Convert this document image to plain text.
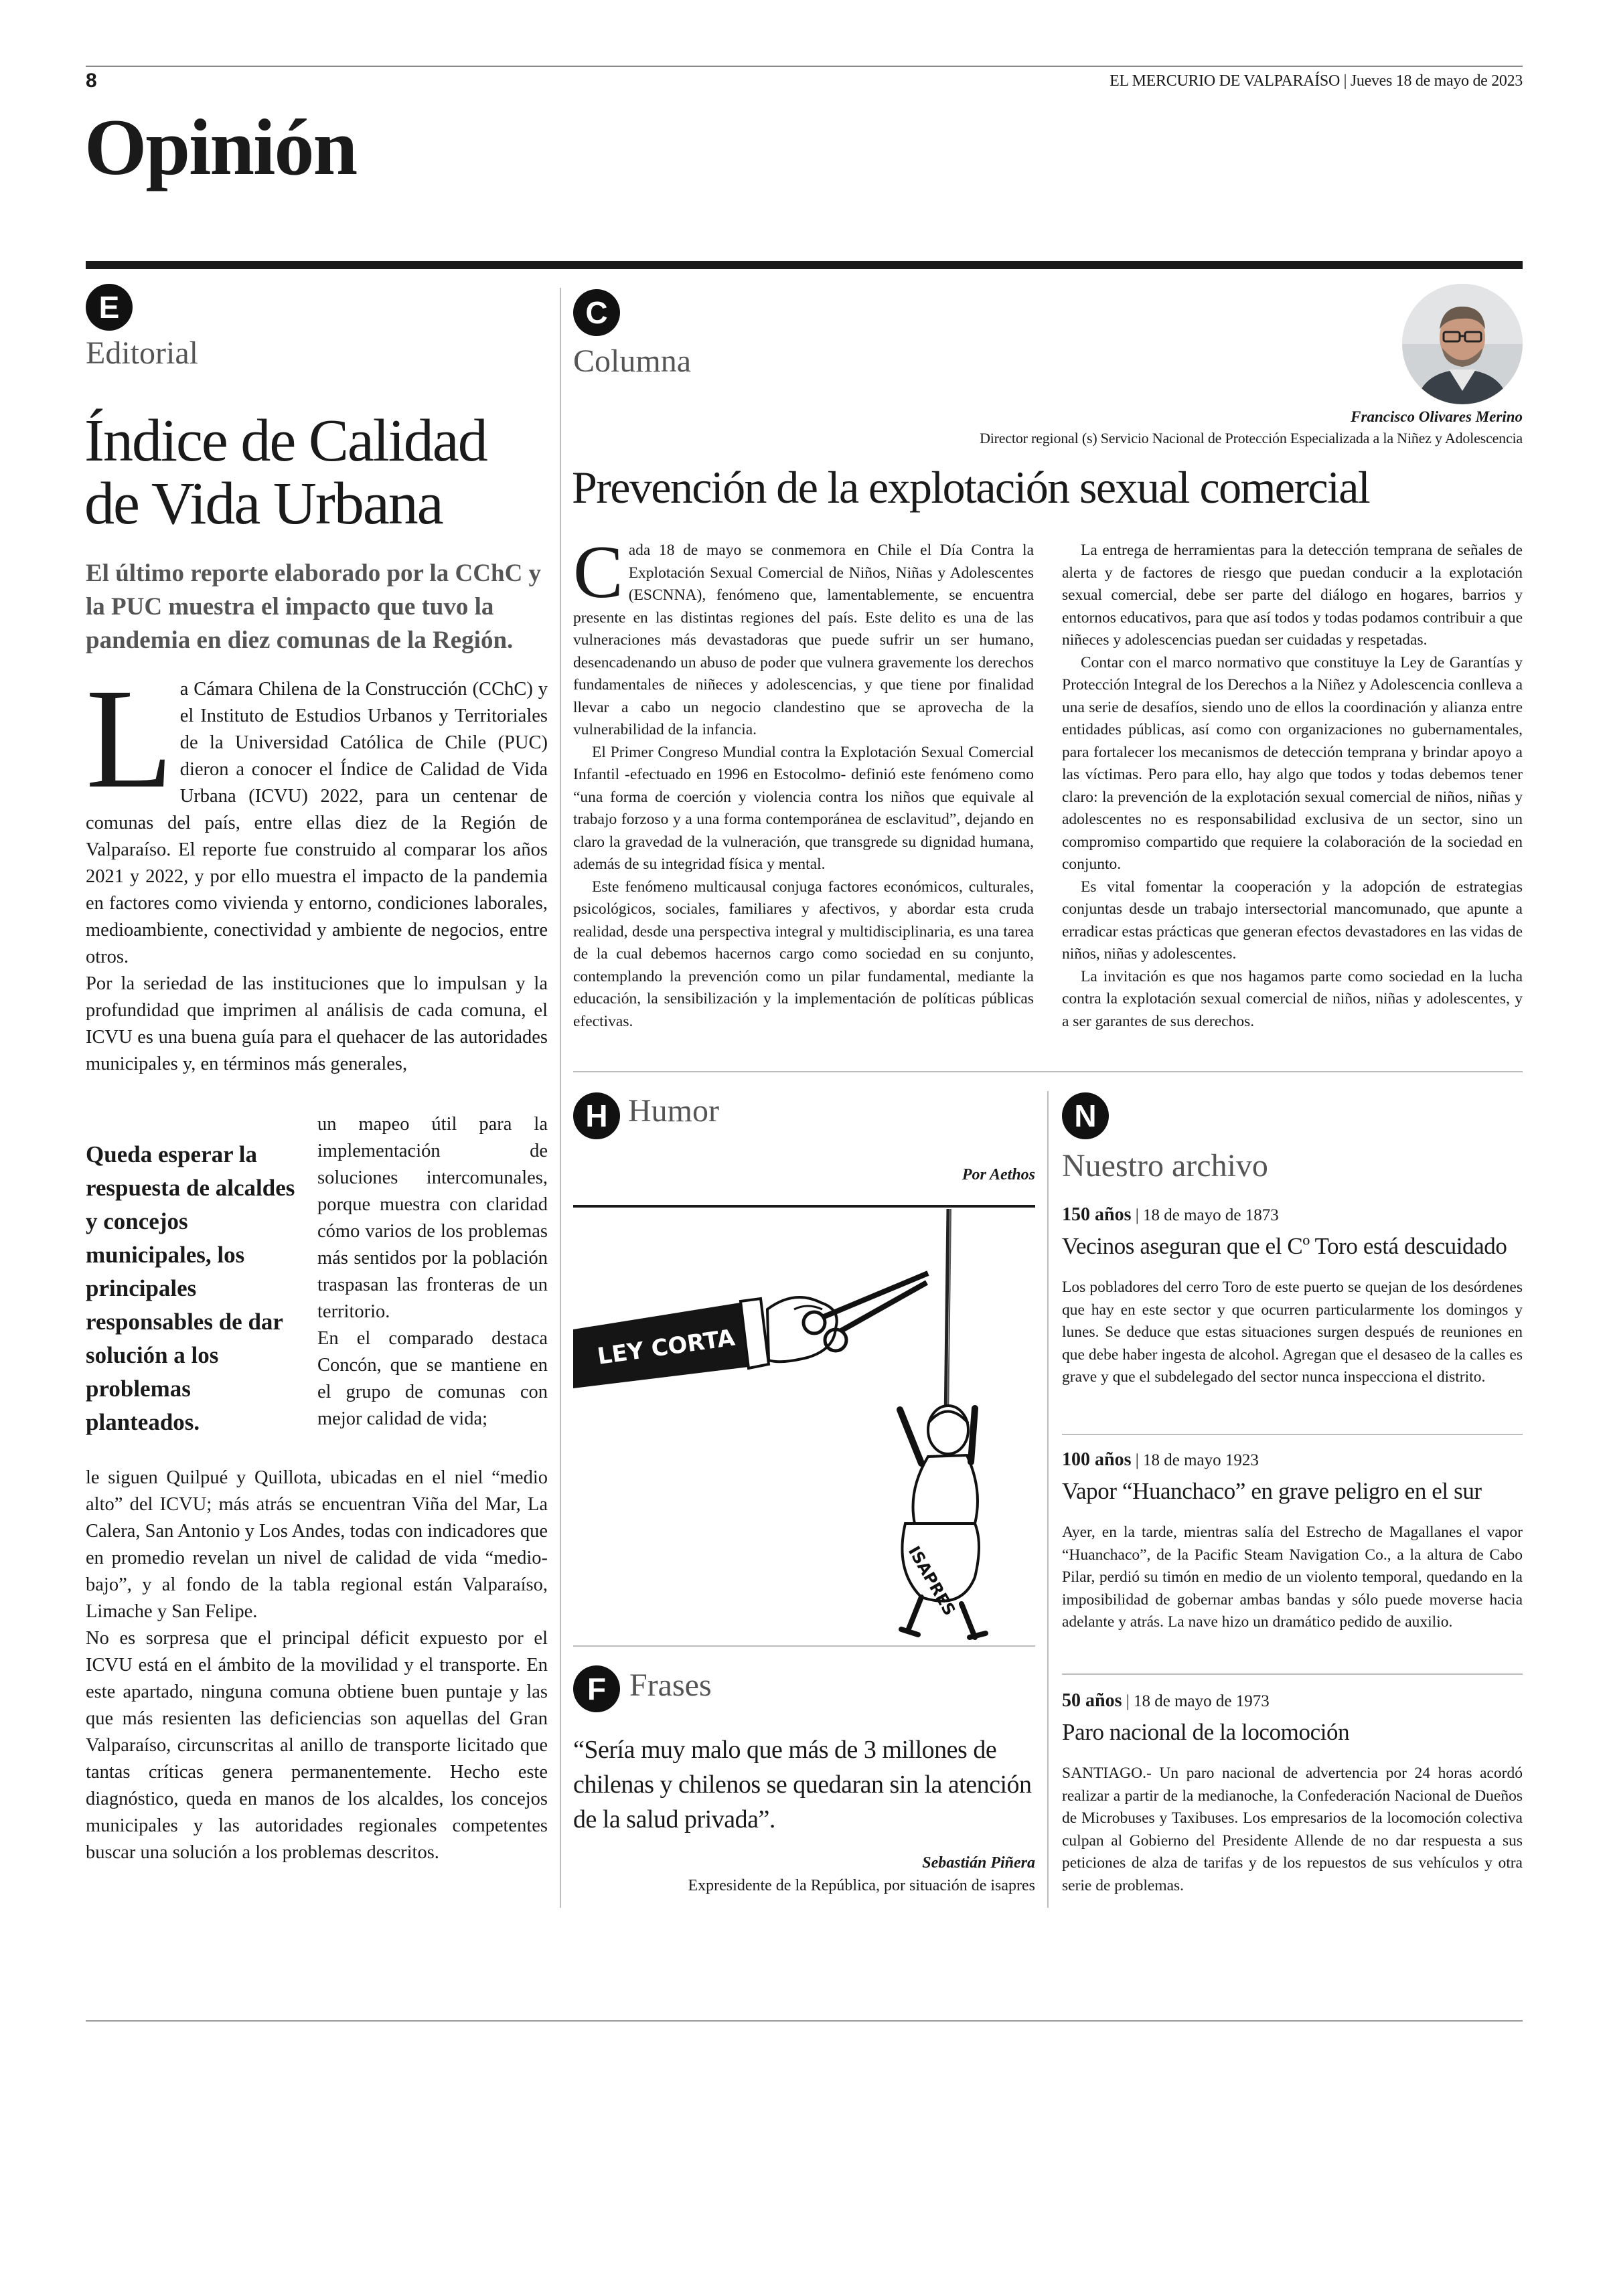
8	EL MERCURIO DE VALPARAÍSO | Jueves 18 de mayo de 2023
Opinión
E
Editorial
Índice de Calidad
de Vida Urbana
El último reporte elaborado por la CChC y la PUC muestra el impacto que tuvo la pandemia en diez comunas de la Región.
L a Cámara Chilena de la Construcción (CChC) y el Instituto de Estudios Urbanos y Territoriales de la Universidad Católica de Chile (PUC) dieron a conocer el Índice de Calidad de Vida Urbana (ICVU) 2022, para un centenar de comunas del país, entre ellas diez de la Región de Valparaíso. El reporte fue construido al comparar los años 2021 y 2022, y por ello muestra el impacto de la pandemia en factores como vivienda y entorno, condiciones laborales, medioambiente, conectividad y ambiente de negocios, entre otros.

Por la seriedad de las instituciones que lo impulsan y la profundidad que imprimen al análisis de cada comuna, el ICVU es una buena guía para el quehacer de las autoridades municipales y, en términos más generales,

Queda esperar la respuesta de alcaldes y concejos municipales, los principales responsables de dar solución a los problemas planteados.

un mapeo útil para la implementación de soluciones intercomunales, porque muestra con claridad cómo varios de los problemas más sentidos por la población traspasan las fronteras de un territorio.

En el comparado destaca Concón, que se mantiene en el grupo de comunas con mejor calidad de vida;

le siguen Quilpué y Quillota, ubicadas en el niel “medio alto” del ICVU; más atrás se encuentran Viña del Mar, La Calera, San Antonio y Los Andes, todas con indicadores que en promedio revelan un nivel de calidad de vida “medio-bajo”, y al fondo de la tabla regional están Valparaíso, Limache y San Felipe.

No es sorpresa que el principal déficit expuesto por el ICVU está en el ámbito de la movilidad y el transporte. En este apartado, ninguna comuna obtiene buen puntaje y las que más resienten las deficiencias son aquellas del Gran Valparaíso, circunscritas al anillo de transporte licitado que tantas críticas genera permanentemente. Hecho este diagnóstico, queda en manos de los alcaldes, los concejos municipales y las autoridades regionales competentes buscar una solución a los problemas descritos.

C
Columna
Francisco Olivares Merino
Director regional (s) Servicio Nacional de Protección Especializada a la Niñez y Adolescencia
Prevención de la explotación sexual comercial
C ada 18 de mayo se conmemora en Chile el Día Contra la Explotación Sexual Comercial de Niños, Niñas y Adolescentes (ESCNNA), fenómeno que, lamentablemente, se encuentra presente en las distintas regiones del país. Este delito es una de las vulneraciones más devastadoras que puede sufrir un ser humano, desencadenando un abuso de poder que vulnera gravemente los derechos fundamentales de niñeces y adolescencias, y que tiene por finalidad llevar a cabo un negocio clandestino que se aprovecha de la vulnerabilidad de la infancia.

El Primer Congreso Mundial contra la Explotación Sexual Comercial Infantil -efectuado en 1996 en Estocolmo- definió este fenómeno como “una forma de coerción y violencia contra los niños que equivale al trabajo forzoso y a una forma contemporánea de esclavitud”, dejando en claro la gravedad de la vulneración, que transgrede su dignidad humana, además de su integridad física y mental.

Este fenómeno multicausal conjuga factores económicos, culturales, psicológicos, sociales, familiares y afectivos, y abordar esta cruda realidad, desde una perspectiva integral y multidisciplinaria, es una tarea de la cual debemos hacernos cargo como sociedad en su conjunto, contemplando la prevención como un pilar fundamental, mediante la educación, la sensibilización y la implementación de políticas públicas efectivas.

La entrega de herramientas para la detección temprana de señales de alerta y de factores de riesgo que puedan conducir a la explotación sexual comercial, debe ser parte del diálogo en hogares, barrios y entornos educativos, para que así todos y todas podamos contribuir a que niñeces y adolescencias puedan ser cuidadas y respetadas.

Contar con el marco normativo que constituye la Ley de Garantías y Protección Integral de los Derechos a la Niñez y Adolescencia conlleva a una serie de desafíos, siendo uno de ellos la coordinación y alianza entre entidades públicas, así como con organizaciones no gubernamentales, para fortalecer los mecanismos de detección temprana y brindar apoyo a las víctimas. Pero para ello, hay algo que todos y todas debemos tener claro: la prevención de la explotación sexual comercial de niños, niñas y adolescentes no es responsabilidad exclusiva de un sector, sino un compromiso compartido que requiere la colaboración de la sociedad en conjunto.

Es vital fomentar la cooperación y la adopción de estrategias conjuntas desde un trabajo intersectorial mancomunado, que apunte a erradicar estas prácticas que generan efectos devastadores en las vidas de niños, niñas y adolescentes.

La invitación es que nos hagamos parte como sociedad en la lucha contra la explotación sexual comercial de niños, niñas y adolescentes, y a ser garantes de sus derechos.

H Humor
Por Aethos
LEY CORTA
ISAPRES
F Frases
“Sería muy malo que más de 3 millones de chilenas y chilenos se quedaran sin la atención de la salud privada”.
Sebastián Piñera
Expresidente de la República, por situación de isapres
N
Nuestro archivo
150 años | 18 de mayo de 1873
Vecinos aseguran que el Cº Toro está descuidado
Los pobladores del cerro Toro de este puerto se quejan de los desórdenes que hay en este sector y que ocurren particularmente los domingos y lunes. Se deduce que estas situaciones surgen después de reuniones en que debe haber ingesta de alcohol. Agregan que el desaseo de la calles es grave y que el subdelegado del sector nunca inspecciona el distrito.
100 años | 18 de mayo 1923
Vapor “Huanchaco” en grave peligro en el sur
Ayer, en la tarde, mientras salía del Estrecho de Magallanes el vapor “Huanchaco”, de la Pacific Steam Navigation Co., a la altura de Cabo Pilar, perdió su timón en medio de un violento temporal, quedando en la imposibilidad de gobernar ambas bandas y sólo puede moverse hacia adelante y atrás. La nave hizo un dramático pedido de auxilio.
50 años | 18 de mayo de 1973
Paro nacional de la locomoción
SANTIAGO.- Un paro nacional de advertencia por 24 horas acordó realizar a partir de la medianoche, la Confederación Nacional de Dueños de Microbuses y Taxibuses. Los empresarios de la locomoción colectiva culpan al Gobierno del Presidente Allende de no dar respuesta a sus peticiones de alza de tarifas y de los repuestos de sus vehículos y otra serie de problemas.
